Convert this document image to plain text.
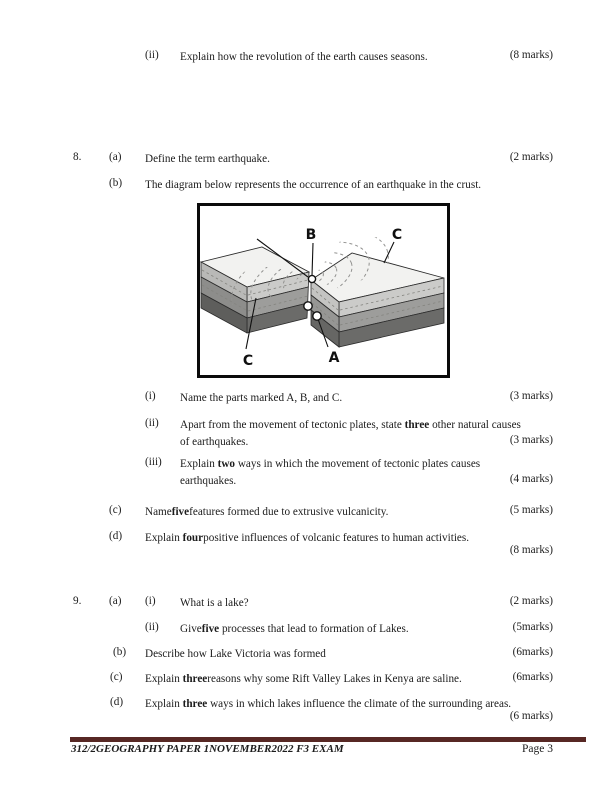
(ii) Explain how the revolution of the earth causes seasons.	(8 marks)
8. (a) Define the term earthquake.	(2 marks)
(b) The diagram below represents the occurrence of an earthquake in the crust.
(i) Name the parts marked A, B, and C.	(3 marks)
(ii) Apart from the movement of tectonic plates, state three other natural causes
of earthquakes.	(3 marks)
(iii) Explain two ways in which the movement of tectonic plates causes
earthquakes.	(4 marks)
(c) Namefivefeatures formed due to extrusive vulcanicity.	(5 marks)
(d) Explain fourpositive influences of volcanic features to human activities.
(8 marks)
9. (a) (i) What is a lake?	(2 marks)
(ii) Givefive processes that lead to formation of Lakes.	(5marks)
(b) Describe how Lake Victoria was formed	(6marks)
(c) Explain threereasons why some Rift Valley Lakes in Kenya are saline.	(6marks)
(d) Explain three ways in which lakes influence the climate of the surrounding areas.
(6 marks)
B	C
C	A
312/2GEOGRAPHY PAPER 1NOVEMBER2022 F3 EXAM	Page 3
